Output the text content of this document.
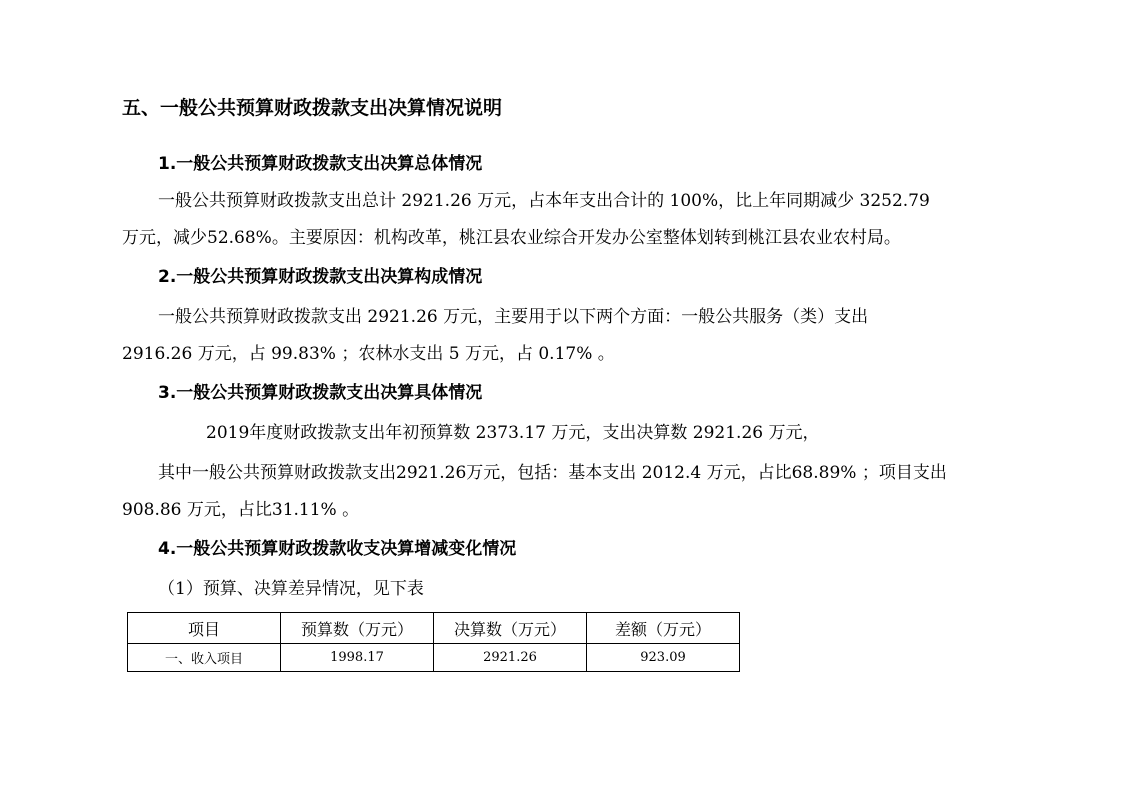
五、一般公共预算财政拨款支出决算情况说明
1.一般公共预算财政拨款支出决算总体情况
一般公共预算财政拨款支出总计 2921.26 万元，占本年支出合计的 100%，比上年同期减少 3252.79
万元，减少52.68%。主要原因：机构改革，桃江县农业综合开发办公室整体划转到桃江县农业农村局。
2.一般公共预算财政拨款支出决算构成情况
一般公共预算财政拨款支出 2921.26 万元，主要用于以下两个方面：一般公共服务（类）支出
2916.26 万元，占 99.83% ；农林水支出 5 万元，占 0.17% 。
3.一般公共预算财政拨款支出决算具体情况
2019年度财政拨款支出年初预算数 2373.17 万元，支出决算数 2921.26 万元，
其中一般公共预算财政拨款支出2921.26万元，包括：基本支出 2012.4 万元，占比68.89% ；项目支出
908.86 万元，占比31.11% 。
4.一般公共预算财政拨款收支决算增减变化情况
（1）预算、决算差异情况，见下表
项目	预算数（万元）	决算数（万元）	差额（万元）
一、收入项目	1998.17	2921.26	923.09
